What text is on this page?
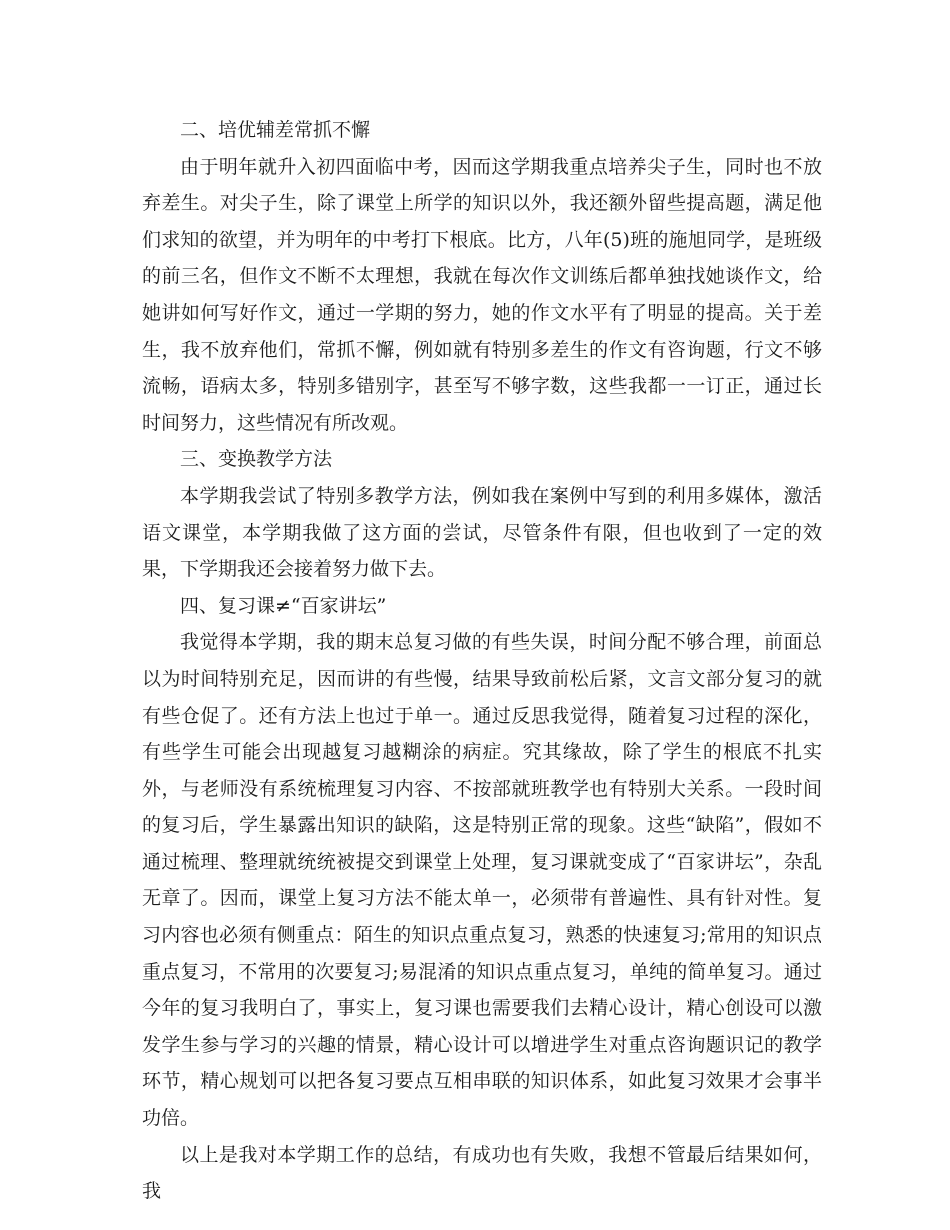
二、培优辅差常抓不懈

由于明年就升入初四面临中考，因而这学期我重点培养尖子生，同时也不放弃差生。对尖子生，除了课堂上所学的知识以外，我还额外留些提高题，满足他们求知的欲望，并为明年的中考打下根底。比方，八年(5)班的施旭同学，是班级的前三名，但作文不断不太理想，我就在每次作文训练后都单独找她谈作文，给她讲如何写好作文，通过一学期的努力，她的作文水平有了明显的提高。关于差生，我不放弃他们，常抓不懈，例如就有特别多差生的作文有咨询题，行文不够流畅，语病太多，特别多错别字，甚至写不够字数，这些我都一一订正，通过长时间努力，这些情况有所改观。

三、变换教学方法

本学期我尝试了特别多教学方法，例如我在案例中写到的利用多媒体，激活语文课堂，本学期我做了这方面的尝试，尽管条件有限，但也收到了一定的效果，下学期我还会接着努力做下去。

四、复习课≠“百家讲坛”

我觉得本学期，我的期末总复习做的有些失误，时间分配不够合理，前面总以为时间特别充足，因而讲的有些慢，结果导致前松后紧，文言文部分复习的就有些仓促了。还有方法上也过于单一。通过反思我觉得，随着复习过程的深化，有些学生可能会出现越复习越糊涂的病症。究其缘故，除了学生的根底不扎实外，与老师没有系统梳理复习内容、不按部就班教学也有特别大关系。一段时间的复习后，学生暴露出知识的缺陷，这是特别正常的现象。这些“缺陷”，假如不通过梳理、整理就统统被提交到课堂上处理，复习课就变成了“百家讲坛”，杂乱无章了。因而，课堂上复习方法不能太单一，必须带有普遍性、具有针对性。复习内容也必须有侧重点：陌生的知识点重点复习，熟悉的快速复习;常用的知识点重点复习，不常用的次要复习;易混淆的知识点重点复习，单纯的简单复习。通过今年的复习我明白了，事实上，复习课也需要我们去精心设计，精心创设可以激发学生参与学习的兴趣的情景，精心设计可以增进学生对重点咨询题识记的教学环节，精心规划可以把各复习要点互相串联的知识体系，如此复习效果才会事半功倍。

以上是我对本学期工作的总结，有成功也有失败，我想不管最后结果如何，我
